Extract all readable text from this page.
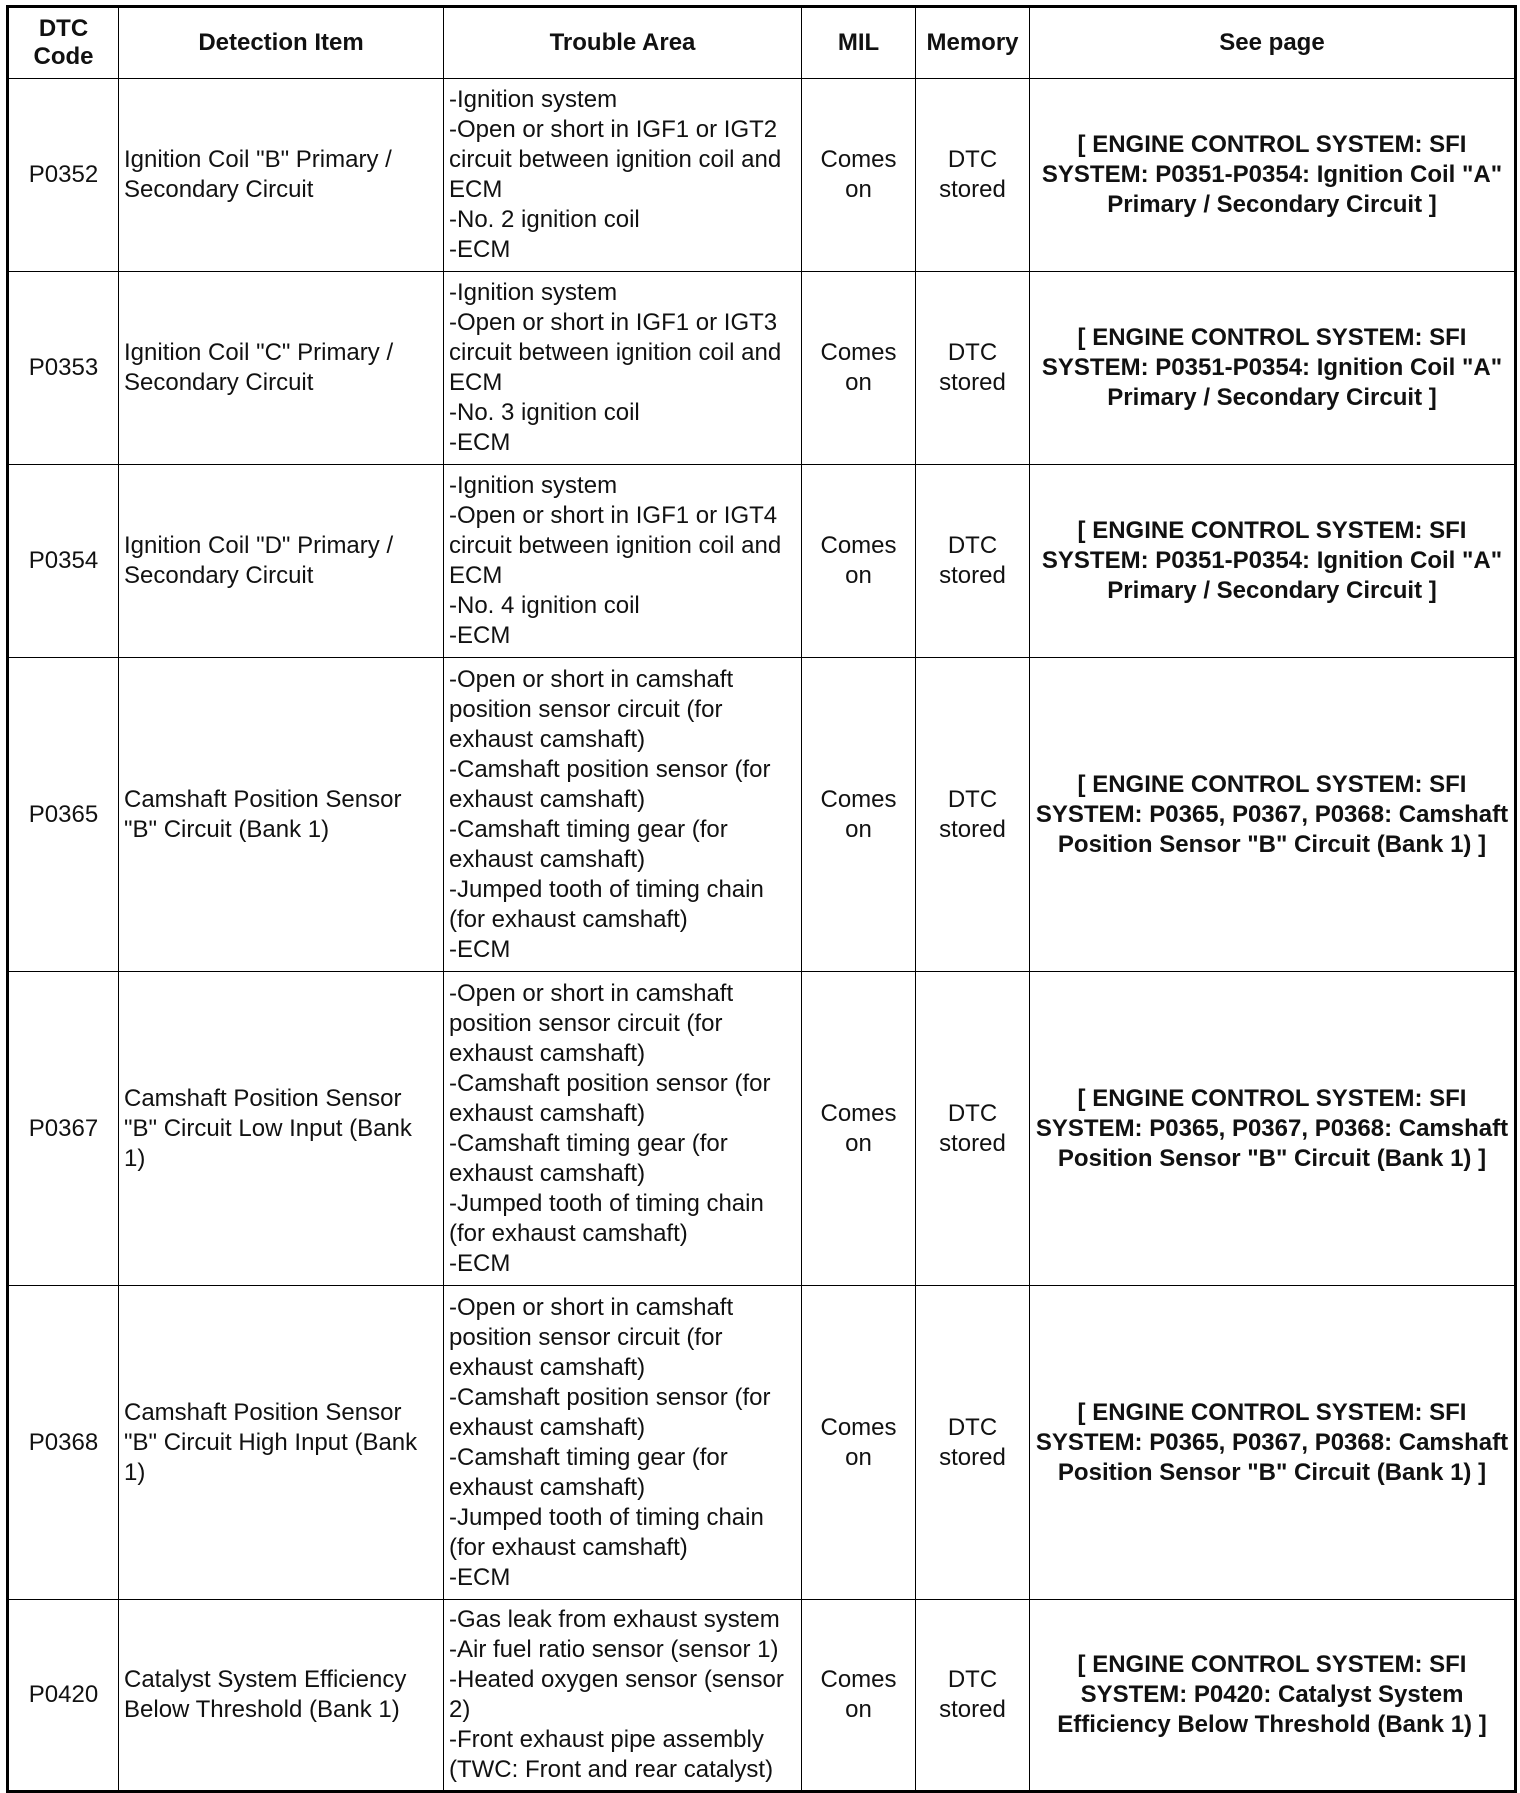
DTC Code	Detection Item	Trouble Area	MIL	Memory	See page
P0352	Ignition Coil "B" Primary / Secondary Circuit	-Ignition system
-Open or short in IGF1 or IGT2 circuit between ignition coil and ECM
-No. 2 ignition coil
-ECM	Comes on	DTC stored	[ ENGINE CONTROL SYSTEM: SFI SYSTEM: P0351-P0354: Ignition Coil "A" Primary / Secondary Circuit ]
P0353	Ignition Coil "C" Primary / Secondary Circuit	-Ignition system
-Open or short in IGF1 or IGT3 circuit between ignition coil and ECM
-No. 3 ignition coil
-ECM	Comes on	DTC stored	[ ENGINE CONTROL SYSTEM: SFI SYSTEM: P0351-P0354: Ignition Coil "A" Primary / Secondary Circuit ]
P0354	Ignition Coil "D" Primary / Secondary Circuit	-Ignition system
-Open or short in IGF1 or IGT4 circuit between ignition coil and ECM
-No. 4 ignition coil
-ECM	Comes on	DTC stored	[ ENGINE CONTROL SYSTEM: SFI SYSTEM: P0351-P0354: Ignition Coil "A" Primary / Secondary Circuit ]
P0365	Camshaft Position Sensor "B" Circuit (Bank 1)	-Open or short in camshaft position sensor circuit (for exhaust camshaft)
-Camshaft position sensor (for exhaust camshaft)
-Camshaft timing gear (for exhaust camshaft)
-Jumped tooth of timing chain (for exhaust camshaft)
-ECM	Comes on	DTC stored	[ ENGINE CONTROL SYSTEM: SFI SYSTEM: P0365, P0367, P0368: Camshaft Position Sensor "B" Circuit (Bank 1) ]
P0367	Camshaft Position Sensor "B" Circuit Low Input (Bank 1)	-Open or short in camshaft position sensor circuit (for exhaust camshaft)
-Camshaft position sensor (for exhaust camshaft)
-Camshaft timing gear (for exhaust camshaft)
-Jumped tooth of timing chain (for exhaust camshaft)
-ECM	Comes on	DTC stored	[ ENGINE CONTROL SYSTEM: SFI SYSTEM: P0365, P0367, P0368: Camshaft Position Sensor "B" Circuit (Bank 1) ]
P0368	Camshaft Position Sensor "B" Circuit High Input (Bank 1)	-Open or short in camshaft position sensor circuit (for exhaust camshaft)
-Camshaft position sensor (for exhaust camshaft)
-Camshaft timing gear (for exhaust camshaft)
-Jumped tooth of timing chain (for exhaust camshaft)
-ECM	Comes on	DTC stored	[ ENGINE CONTROL SYSTEM: SFI SYSTEM: P0365, P0367, P0368: Camshaft Position Sensor "B" Circuit (Bank 1) ]
P0420	Catalyst System Efficiency Below Threshold (Bank 1)	-Gas leak from exhaust system
-Air fuel ratio sensor (sensor 1)
-Heated oxygen sensor (sensor 2)
-Front exhaust pipe assembly (TWC: Front and rear catalyst)	Comes on	DTC stored	[ ENGINE CONTROL SYSTEM: SFI SYSTEM: P0420: Catalyst System Efficiency Below Threshold (Bank 1) ]
